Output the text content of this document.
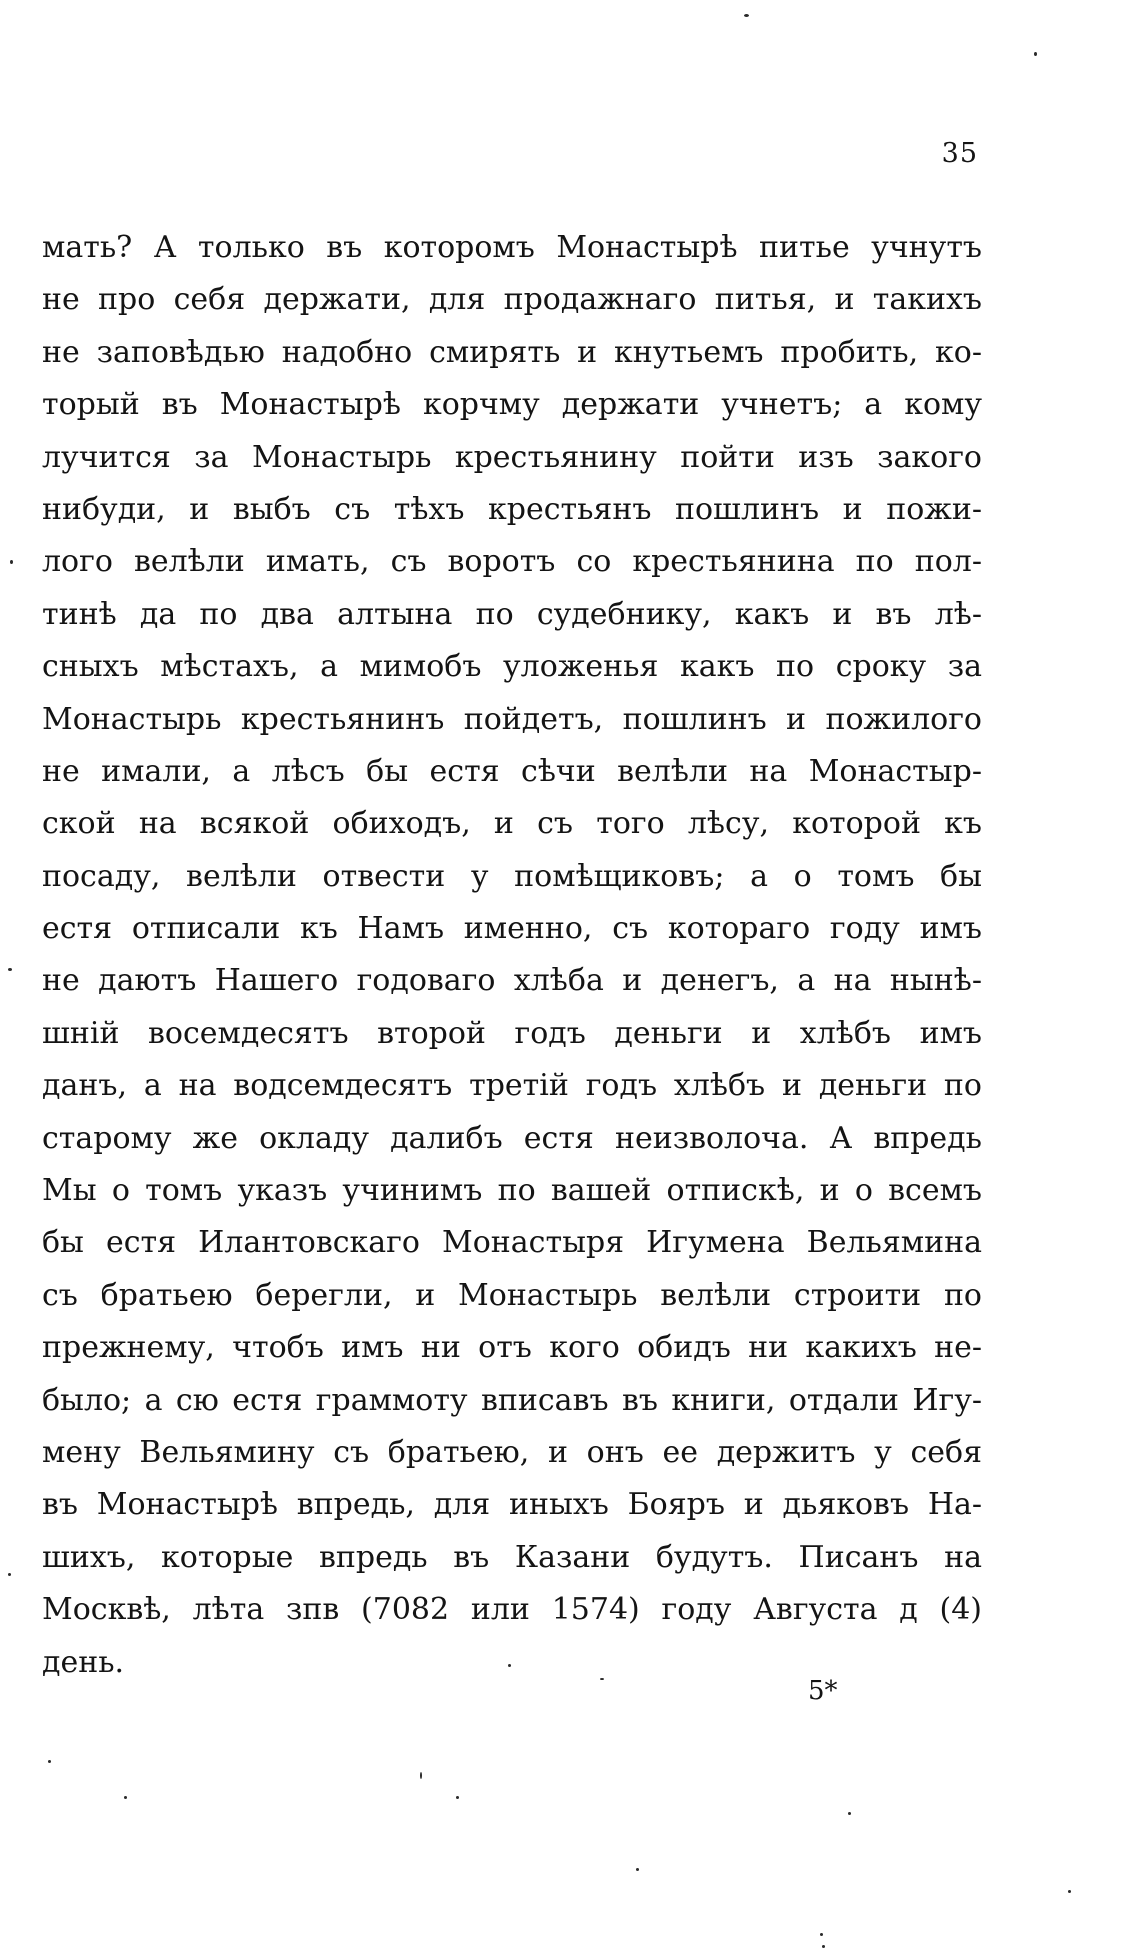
35
мать? А только въ которомъ Монастырѣ питье учнутъ
не про себя держати, для продажнаго питья, и такихъ
не заповѣдью надобно смирять и кнутьемъ пробить, ко-
торый въ Монастырѣ корчму держати учнетъ; а кому
лучится за Монастырь крестьянину пойти изъ закого
нибуди, и выбъ съ тѣхъ крестьянъ пошлинъ и пожи-
лого велѣли имать, съ воротъ со крестьянина по пол-
тинѣ да по два алтына по судебнику, какъ и въ лѣ-
сныхъ мѣстахъ, а мимобъ уложенья какъ по сроку за
Монастырь крестьянинъ пойдетъ, пошлинъ и пожилого
не имали, а лѣсъ бы естя сѣчи велѣли на Монастыр-
ской на всякой обиходъ, и съ того лѣсу, которой къ
посаду, велѣли отвести у помѣщиковъ; а о томъ бы
естя отписали къ Намъ именно, съ котораго году имъ
не даютъ Нашего годоваго хлѣба и денегъ, а на нынѣ-
шній восемдесятъ второй годъ деньги и хлѣбъ имъ
данъ, а на водсемдесятъ третій годъ хлѣбъ и деньги по
старому же окладу далибъ естя неизволоча. А впредь
Мы о томъ указъ учинимъ по вашей отпискѣ, и о всемъ
бы естя Илантовскаго Монастыря Игумена Вельямина
съ братьею берегли, и Монастырь велѣли строити по
прежнему, чтобъ имъ ни отъ кого обидъ ни какихъ не-
было; а сю естя граммоту вписавъ въ книги, отдали Игу-
мену Вельямину съ братьею, и онъ ее держитъ у себя
въ Монастырѣ впредь, для иныхъ Бояръ и дьяковъ На-
шихъ, которые впредь въ Казани будутъ. Писанъ на
Москвѣ, лѣта зпв (7082 или 1574) году Августа д (4)
день.
5*
